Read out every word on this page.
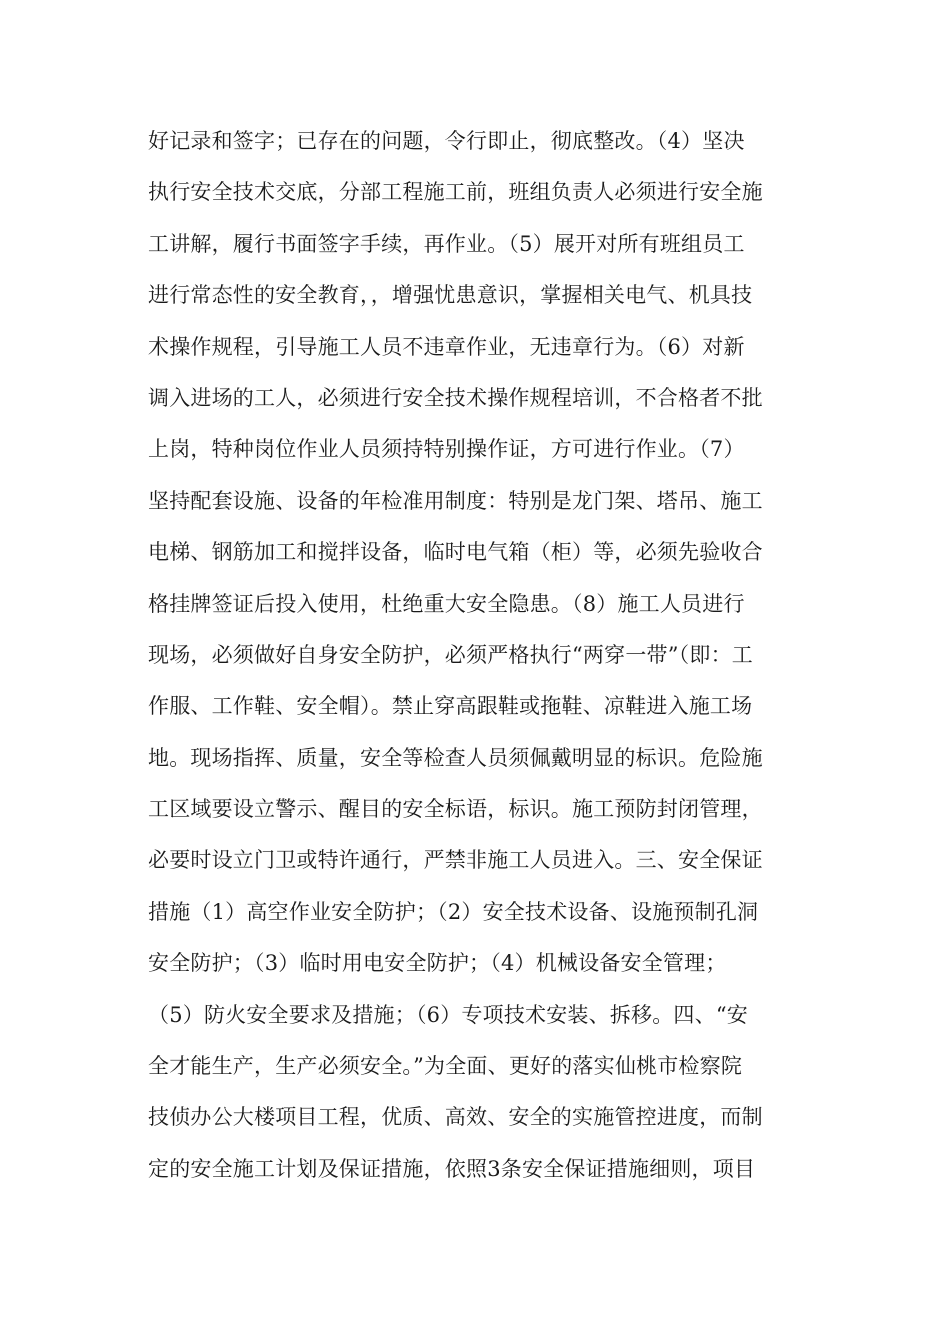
好记录和签字；已存在的问题，令行即止，彻底整改。（4）坚决
执行安全技术交底，分部工程施工前，班组负责人必须进行安全施
工讲解，履行书面签字手续，再作业。（5）展开对所有班组员工
进行常态性的安全教育，，增强忧患意识，掌握相关电气、机具技
术操作规程，引导施工人员不违章作业，无违章行为。（6）对新
调入进场的工人，必须进行安全技术操作规程培训，不合格者不批
上岗，特种岗位作业人员须持特别操作证，方可进行作业。（7）
坚持配套设施、设备的年检准用制度：特别是龙门架、塔吊、施工
电梯、钢筋加工和搅拌设备，临时电气箱（柜）等，必须先验收合
格挂牌签证后投入使用，杜绝重大安全隐患。（8）施工人员进行
现场，必须做好自身安全防护，必须严格执行“两穿一带”（即：工
作服、工作鞋、安全帽）。禁止穿高跟鞋或拖鞋、凉鞋进入施工场
地。现场指挥、质量，安全等检查人员须佩戴明显的标识。危险施
工区域要设立警示、醒目的安全标语，标识。施工预防封闭管理，
必要时设立门卫或特许通行，严禁非施工人员进入。三、安全保证
措施（1）高空作业安全防护；（2）安全技术设备、设施预制孔洞
安全防护；（3）临时用电安全防护；（4）机械设备安全管理；
（5）防火安全要求及措施；（6）专项技术安装、拆移。四、“安
全才能生产，生产必须安全。”为全面、更好的落实仙桃市检察院
技侦办公大楼项目工程，优质、高效、安全的实施管控进度，而制
定的安全施工计划及保证措施，依照3条安全保证措施细则，项目
